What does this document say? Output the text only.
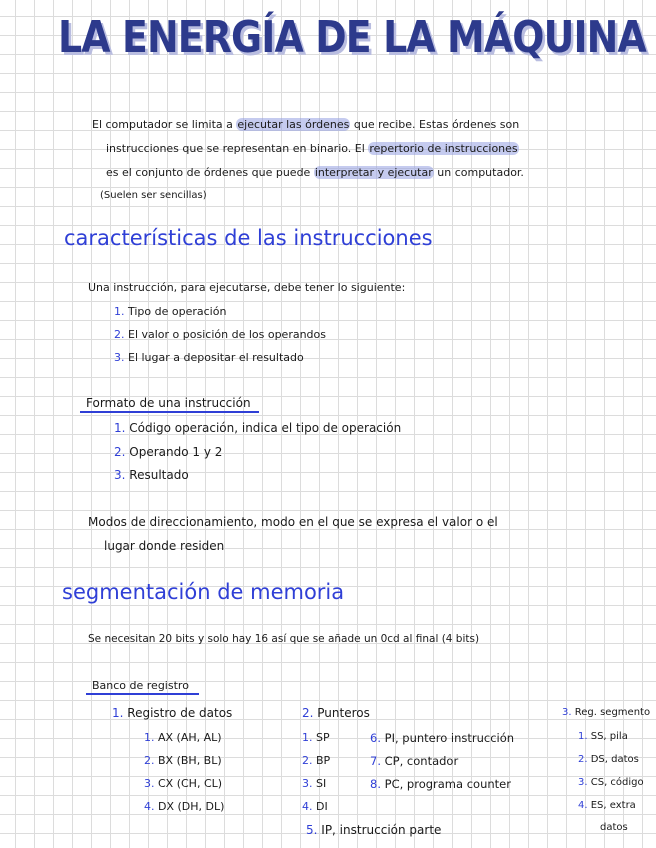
LA ENERGÍA DE LA MÁQUINA
El computador se limita a ejecutar las órdenes que recibe. Estas órdenes son
instrucciones que se representan en binario. El repertorio de instrucciones
es el conjunto de órdenes que puede interpretar y ejecutar un computador.
(Suelen ser sencillas)
características de las instrucciones
Una instrucción, para ejecutarse, debe tener lo siguiente:
1. Tipo de operación
2. El valor o posición de los operandos
3. El lugar a depositar el resultado
Formato de una instrucción
1. Código operación, indica el tipo de operación
2. Operando 1 y 2
3. Resultado
Modos de direccionamiento, modo en el que se expresa el valor o el
lugar donde residen
segmentación de memoria
Se necesitan 20 bits y solo hay 16 así que se añade un 0cd al final (4 bits)
Banco de registro
1. Registro de datos
1. AX (AH, AL)
2. BX (BH, BL)
3. CX (CH, CL)
4. DX (DH, DL)
2. Punteros
1. SP
2. BP
3. SI
4. DI
5. IP, instrucción parte
6. PI, puntero instrucción
7. CP, contador
8. PC, programa counter
3. Reg. segmento
1. SS, pila
2. DS, datos
3. CS, código
4. ES, extra
datos
